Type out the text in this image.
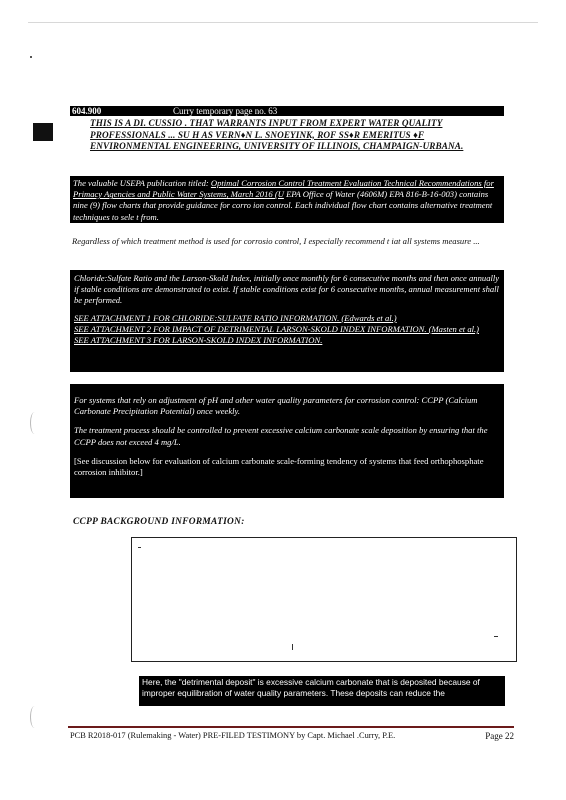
604.900	Curry temporary page no. 63
THIS IS A DI. CUSSIO . THAT WARRANTS INPUT FROM EXPERT WATER QUALITY PROFESSIONALS ... SU H AS VERN♦N L. SNOEYINK, ROF SS♦R EMERITUS ♦F ENVIRONMENTAL ENGINEERING, UNIVERSITY OF ILLINOIS, CHAMPAIGN-URBANA.
The valuable USEPA publication titled: Optimal Corrosion Control Treatment Evaluation Technical Recommendations for Primacy Agencies and Public Water Systems, March 2016 (U EPA Office of Water (4606M) EPA 816-B-16-003) contains nine (9) flow charts that provide guidance for corro ion control. Each individual flow chart contains alternative treatment techniques to sele t from.
Regardless of which treatment method is used for corrosio control, I especially recommend t iat all systems measure ...

Chloride:Sulfate Ratio and the Larson-Skold Index, initially once monthly for 6 consecutive months and then once annually if stable conditions are demonstrated to exist. If stable conditions exist for 6 consecutive months, annual measurement shall be performed.

SEE ATTACHMENT 1 FOR CHLORIDE:SULFATE RATIO INFORMATION. (Edwards et al.)
SEE ATTACHMENT 2 FOR IMPACT OF DETRIMENTAL LARSON-SKOLD INDEX INFORMATION. (Masten et al.)
SEE ATTACHMENT 3 FOR LARSON-SKOLD INDEX INFORMATION.

For systems that rely on adjustment of pH and other water quality parameters for corrosion control: CCPP (Calcium Carbonate Precipitation Potential) once weekly.

The treatment process should be controlled to prevent excessive calcium carbonate scale deposition by ensuring that the CCPP does not exceed 4 mg/L.

[See discussion below for evaluation of calcium carbonate scale-forming tendency of systems that feed orthophosphate corrosion inhibitor.]

CCPP BACKGROUND INFORMATION:
Here, the "detrimental deposit" is excessive calcium carbonate that is deposited because of improper equilibration of water quality parameters. These deposits can reduce the
PCB R2018-017 (Rulemaking - Water) PRE-FILED TESTIMONY by Capt. Michael .Curry, P.E.	Page 22
